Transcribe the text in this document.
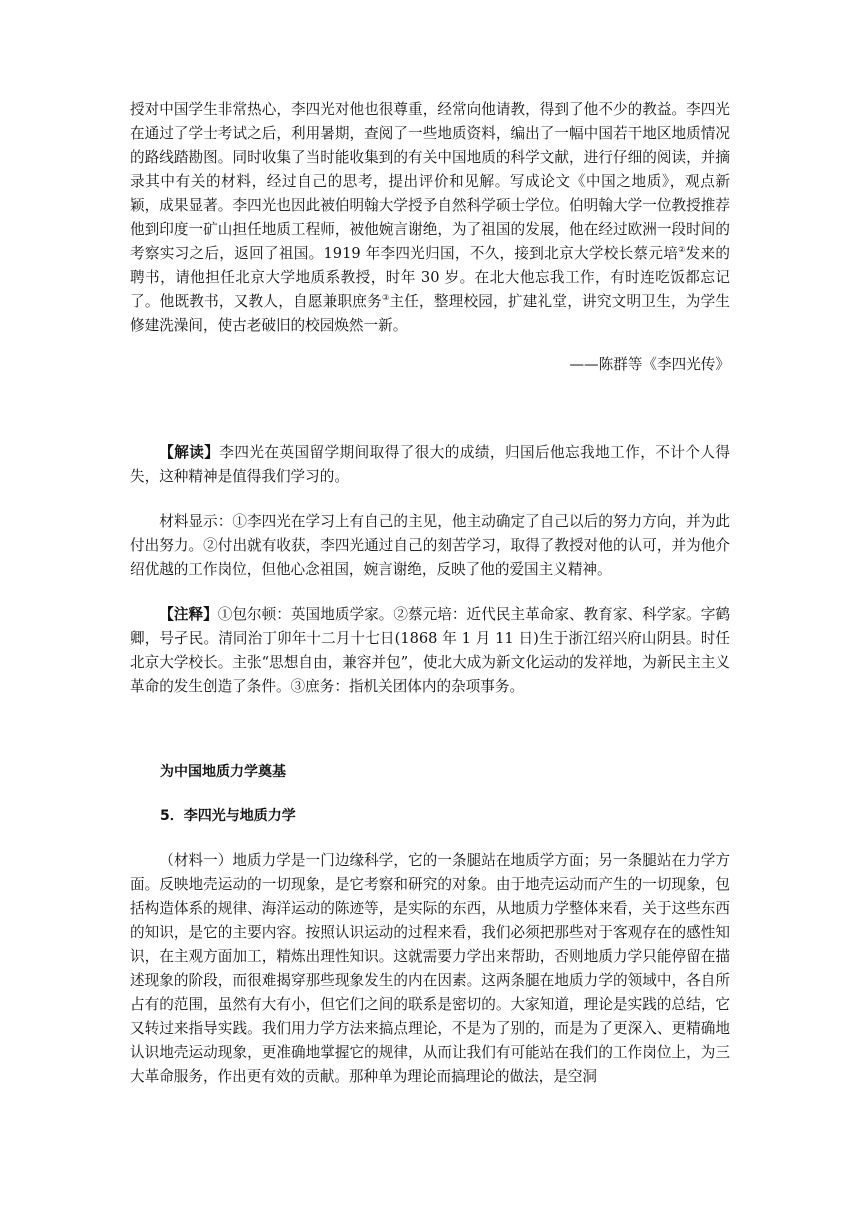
授对中国学生非常热心，李四光对他也很尊重，经常向他请教，得到了他不少的教益。李四光在通过了学士考试之后，利用暑期，查阅了一些地质资料，编出了一幅中国若干地区地质情况的路线踏勘图。同时收集了当时能收集到的有关中国地质的科学文献，进行仔细的阅读，并摘录其中有关的材料，经过自己的思考，提出评价和见解。写成论文《中国之地质》，观点新颖，成果显著。李四光也因此被伯明翰大学授予自然科学硕士学位。伯明翰大学一位教授推荐他到印度一矿山担任地质工程师，被他婉言谢绝，为了祖国的发展，他在经过欧洲一段时间的考察实习之后，返回了祖国。1919 年李四光归国，不久，接到北京大学校长蔡元培②发来的聘书，请他担任北京大学地质系教授，时年 30 岁。在北大他忘我工作，有时连吃饭都忘记了。他既教书，又教人，自愿兼职庶务③主任，整理校园，扩建礼堂，讲究文明卫生，为学生修建洗澡间，使古老破旧的校园焕然一新。

——陈群等《李四光传》

【解读】李四光在英国留学期间取得了很大的成绩，归国后他忘我地工作，不计个人得失，这种精神是值得我们学习的。

材料显示：①李四光在学习上有自己的主见，他主动确定了自己以后的努力方向，并为此付出努力。②付出就有收获，李四光通过自己的刻苦学习，取得了教授对他的认可，并为他介绍优越的工作岗位，但他心念祖国，婉言谢绝，反映了他的爱国主义精神。

【注释】①包尔顿：英国地质学家。②蔡元培：近代民主革命家、教育家、科学家。字鹤卿，号孑民。清同治丁卯年十二月十七日(1868 年 1 月 11 日)生于浙江绍兴府山阴县。时任北京大学校长。主张“思想自由，兼容并包”，使北大成为新文化运动的发祥地，为新民主主义革命的发生创造了条件。③庶务：指机关团体内的杂项事务。

为中国地质力学奠基

5．李四光与地质力学

（材料一）地质力学是一门边缘科学，它的一条腿站在地质学方面；另一条腿站在力学方面。反映地壳运动的一切现象，是它考察和研究的对象。由于地壳运动而产生的一切现象，包括构造体系的规律、海洋运动的陈迹等，是实际的东西，从地质力学整体来看，关于这些东西的知识，是它的主要内容。按照认识运动的过程来看，我们必须把那些对于客观存在的感性知识，在主观方面加工，精炼出理性知识。这就需要力学出来帮助，否则地质力学只能停留在描述现象的阶段，而很难揭穿那些现象发生的内在因素。这两条腿在地质力学的领域中，各自所占有的范围，虽然有大有小，但它们之间的联系是密切的。大家知道，理论是实践的总结，它又转过来指导实践。我们用力学方法来搞点理论，不是为了别的，而是为了更深入、更精确地认识地壳运动现象，更准确地掌握它的规律，从而让我们有可能站在我们的工作岗位上，为三大革命服务，作出更有效的贡献。那种单为理论而搞理论的做法，是空洞
